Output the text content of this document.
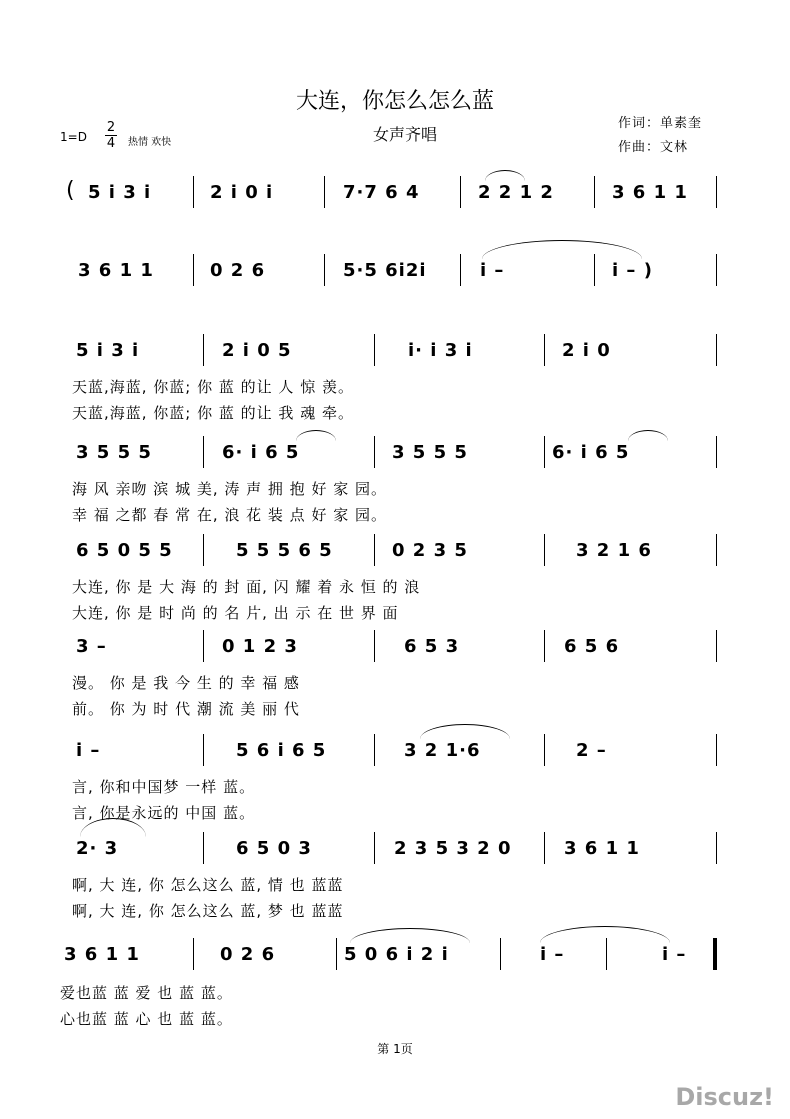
大连，你怎么怎么蓝
女声齐唱
作词：单素奎
作曲：文林
$1=D \frac{2}{4}$ 热情 欢快
( 5 i 3 i	2 i 0 i	7·7 6 4	2 2 1 2	3 6 1 1
3 6 1 1	0 2 6	5·5 6i2i	i –	i – )
5 i 3 i	2 i 0 5	i· i 3 i	2 i 0
天蓝,海蓝, 你蓝; 你 蓝 的让 人 惊 羡。
天蓝,海蓝, 你蓝; 你 蓝 的让 我 魂 牵。
3 5 5 5	6· i 6 5	3 5 5 5	6· i 6 5
海 风 亲吻 滨 城 美, 涛 声 拥 抱 好 家 园。
幸 福 之都 春 常 在, 浪 花 装 点 好 家 园。
6 5 0 5 5	5 5 5 6 5	0 2 3 5	3 2 1 6
大连, 你 是 大 海 的 封 面, 闪 耀 着 永 恒 的 浪
大连, 你 是 时 尚 的 名 片, 出 示 在 世 界 面
3 –	0 1 2 3	6 5 3	6 5 6
漫。 你 是 我 今 生 的 幸 福 感
前。 你 为 时 代 潮 流 美 丽 代
i –	5 6 i 6 5	3 2 1·6	2 –
言, 你和中国梦 一样 蓝。
言, 你是永远的 中国 蓝。
2· 3	6 5 0 3	2 3 5 3 2 0	3 6 1 1
啊, 大 连, 你 怎么这么 蓝, 情 也 蓝蓝
啊, 大 连, 你 怎么这么 蓝, 梦 也 蓝蓝
3 6 1 1	0 2 6	5 0 6 i 2 i	i –	i –
爱也蓝 蓝 爱 也 蓝 蓝。
心也蓝 蓝 心 也 蓝 蓝。
第 1页
Discuz!
